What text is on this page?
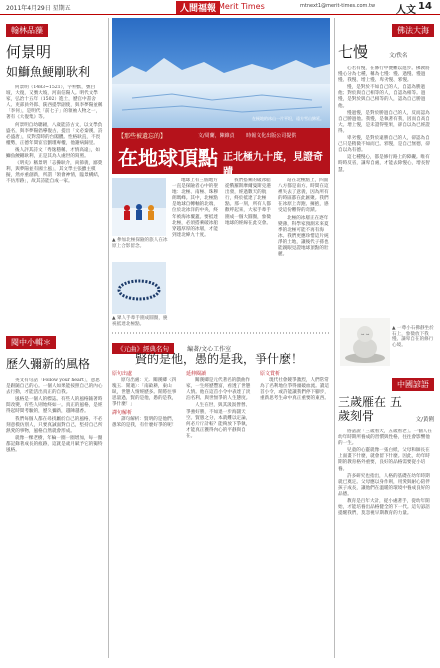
2011年4月29日 星期五	人間福報 Merit Times	mtnext1@merit-times.com.tw 人文 14
翰林品藻
何景明
如鰤魚鯁剛耿利

何景明（1483~1521），字仲默，號白坡，大復，又號大坡，河南信陽人。明代文學家，弘治十五年（1502）進士，歷官中書舍人、吏部員外郎、陝西提學副使，與李夢陽並稱「李何」，是明代「前七子」的領袖人物之一，著有《大復集》等。

何景明自幼聰穎，八歲能詩古文，以文學負盛名，與李夢陽倡導復古，提出「文必秦漢，詩必盛唐」，反對當時的台閣體。性格耿直，不畏權勢，正德年間宦官劉瑾專權，他謝病歸里。

後人評其詩文「秀逸穩稱，才情高遠」，如鰤魚鯁剛耿利，正是其為人處世的寫照。

《明史》稱景明「志操耿介，尚節義，鄙榮利，與夢陽並有國士風」，其文學主張雖主模擬，然亦重創新，所謂「領會神情，臨景構結，不仿形跡」，故其詩能自成一家。

閱中小輯＊
歷久彌新的風格

英文有句話「Follow your heart」，意思是跟隨自己的心。一個人如果能按照自己的內心去行動，才能活出真正的自我。

風格是一個人的標誌。有些人的風格隨著時間改變，有些人則始終如一。真正的風格，是經得起時間考驗的，歷久彌新，越陳越香。

我們每個人都在尋找屬於自己的風格，不必刻意模仿別人，只要真誠面對自己，堅持自己所熱愛的事物，風格自然就會形成。

就像一棵老樹，年輪一圈一圈增加，每一圈都記錄著成長的痕跡，這就是歲月賦予它的獨特風格。

在極地的冰山一片平坦，遠方雪山綿延。
【那些被遺忘的】	文∕周蘭，陳維貞 　　時報文化出版公司提供
在地球頂點 正北極九十度，見證奇蹟
▲ 參加北極探險的旅人在冰原上合影留念。
▲ 眾人手牽手圍成圓圈，慶祝抵達北極點。

地球上有三個地方一直是探險者心中的聖地：北極、南極、珠穆朗瑪峰。其中，北極點是地球自轉軸的北端，位於北冰洋的中央，終年被海冰覆蓋。要抵達北極，必須搭乘破冰船穿越厚厚的冰層，才能到達北緯九十度。

我們搭乘的破冰船從俄羅斯摩爾曼斯克港出發，經過數天的航行，終於抵達了北極點。那一刻，所有人都歡呼起來，大家手牽手圍成一個大圓圈，象徵地球的經線在此交會。

站在北極點上，四面八方都是南方。時間在這裡失去了意義，因為所有的時區都在此匯聚。我們在冰原上奔跑、擁抱，感受這份難得的奇蹟。

北極的冰層正在逐年變薄，科學家預測未來夏季的北極可能不再有海冰。我們更應珍惜這片純淨的土地，讓後代子孫也能親眼見證地球頂點的壯麗。

《元曲》經典名句	編著∕文心工作室
賢的是他，愚的是我，爭什麼！
原句出處

原句出處：元．關漢卿〈四塊玉．閒適〉：「南畝耕，東山臥，世態人情經歷多。閒將往事思量過，賢的是他，愚的是我，爭什麼！」

譯句解析

譯句解析：賢明的是他們，愚笨的是我，有什麼好爭的呢！

延伸閱讀

關漢卿是元代著名的戲曲作家，一生經歷豐富，看透了世態人情。他在這首小令中表達了淡泊名利、與世無爭的人生態度。

人生在世，與其汲汲營營、爭強好勝，不如退一步海闊天空。賢愚之分，本就難以定論，何必斤斤計較？能夠放下爭執，才能真正獲得內心的平靜與自在。

原文賞析

現代社會競爭激烈，人們常常為了名利地位爭得頭破血流。讀這首小令，或許能讓我們停下腳步，重新思考生命中真正重要的東西。

佛法大海
七慢	文∕佚名

心若有慢，在修行中便難以進步。佛教將慢心分為七種，稱為七慢：慢、過慢、慢過慢、我慢、增上慢、卑劣慢、邪慢。

慢，是對於不如自己的人，自認為勝過他；對於與自己相等的人，自認為相等。過慢，是對於與自己相等的人，認為自己勝過他。

慢過慢，是對於勝過自己的人，反而認為自己勝過他。我慢，是執著有我，因而自高自大。增上慢，是未證得聖果，卻自以為已經證得。

卑劣慢，是對於遠勝自己的人，卻認為自己只是稍微不如而已。邪慢，是自己無德，卻自以為有德。

這七種慢心，都是修行路上的障礙。唯有時時反省，謙卑自處，才能去除慢心，增長智慧。

▲ 一尊小石佛靜坐於石上，象徵放下我慢、謙卑自在的修行心境。
中國諺語
三歲雁在 五歲刻骨	文∕黃俐

俗話說「三歲看大，五歲看老」。一個人在幼年時期所養成的習慣與性格，往往會影響他的一生。

兒童的心靈就像一張白紙，父母和師長在上面畫下什麼，就會留下什麼。因此，幼年時期的教育格外重要，良好的品格需要從小培養。

許多研究也指出，人格的基礎在幼年時期就已奠定。父母應以身作則，用愛與耐心陪伴孩子成長，讓他們在溫暖的環境中養成良好的品德。

教育是百年大計，從小處著手，從幼年開始，才能培養出品格健全的下一代。這句諺語提醒我們，莫忽視早期教育的力量。
